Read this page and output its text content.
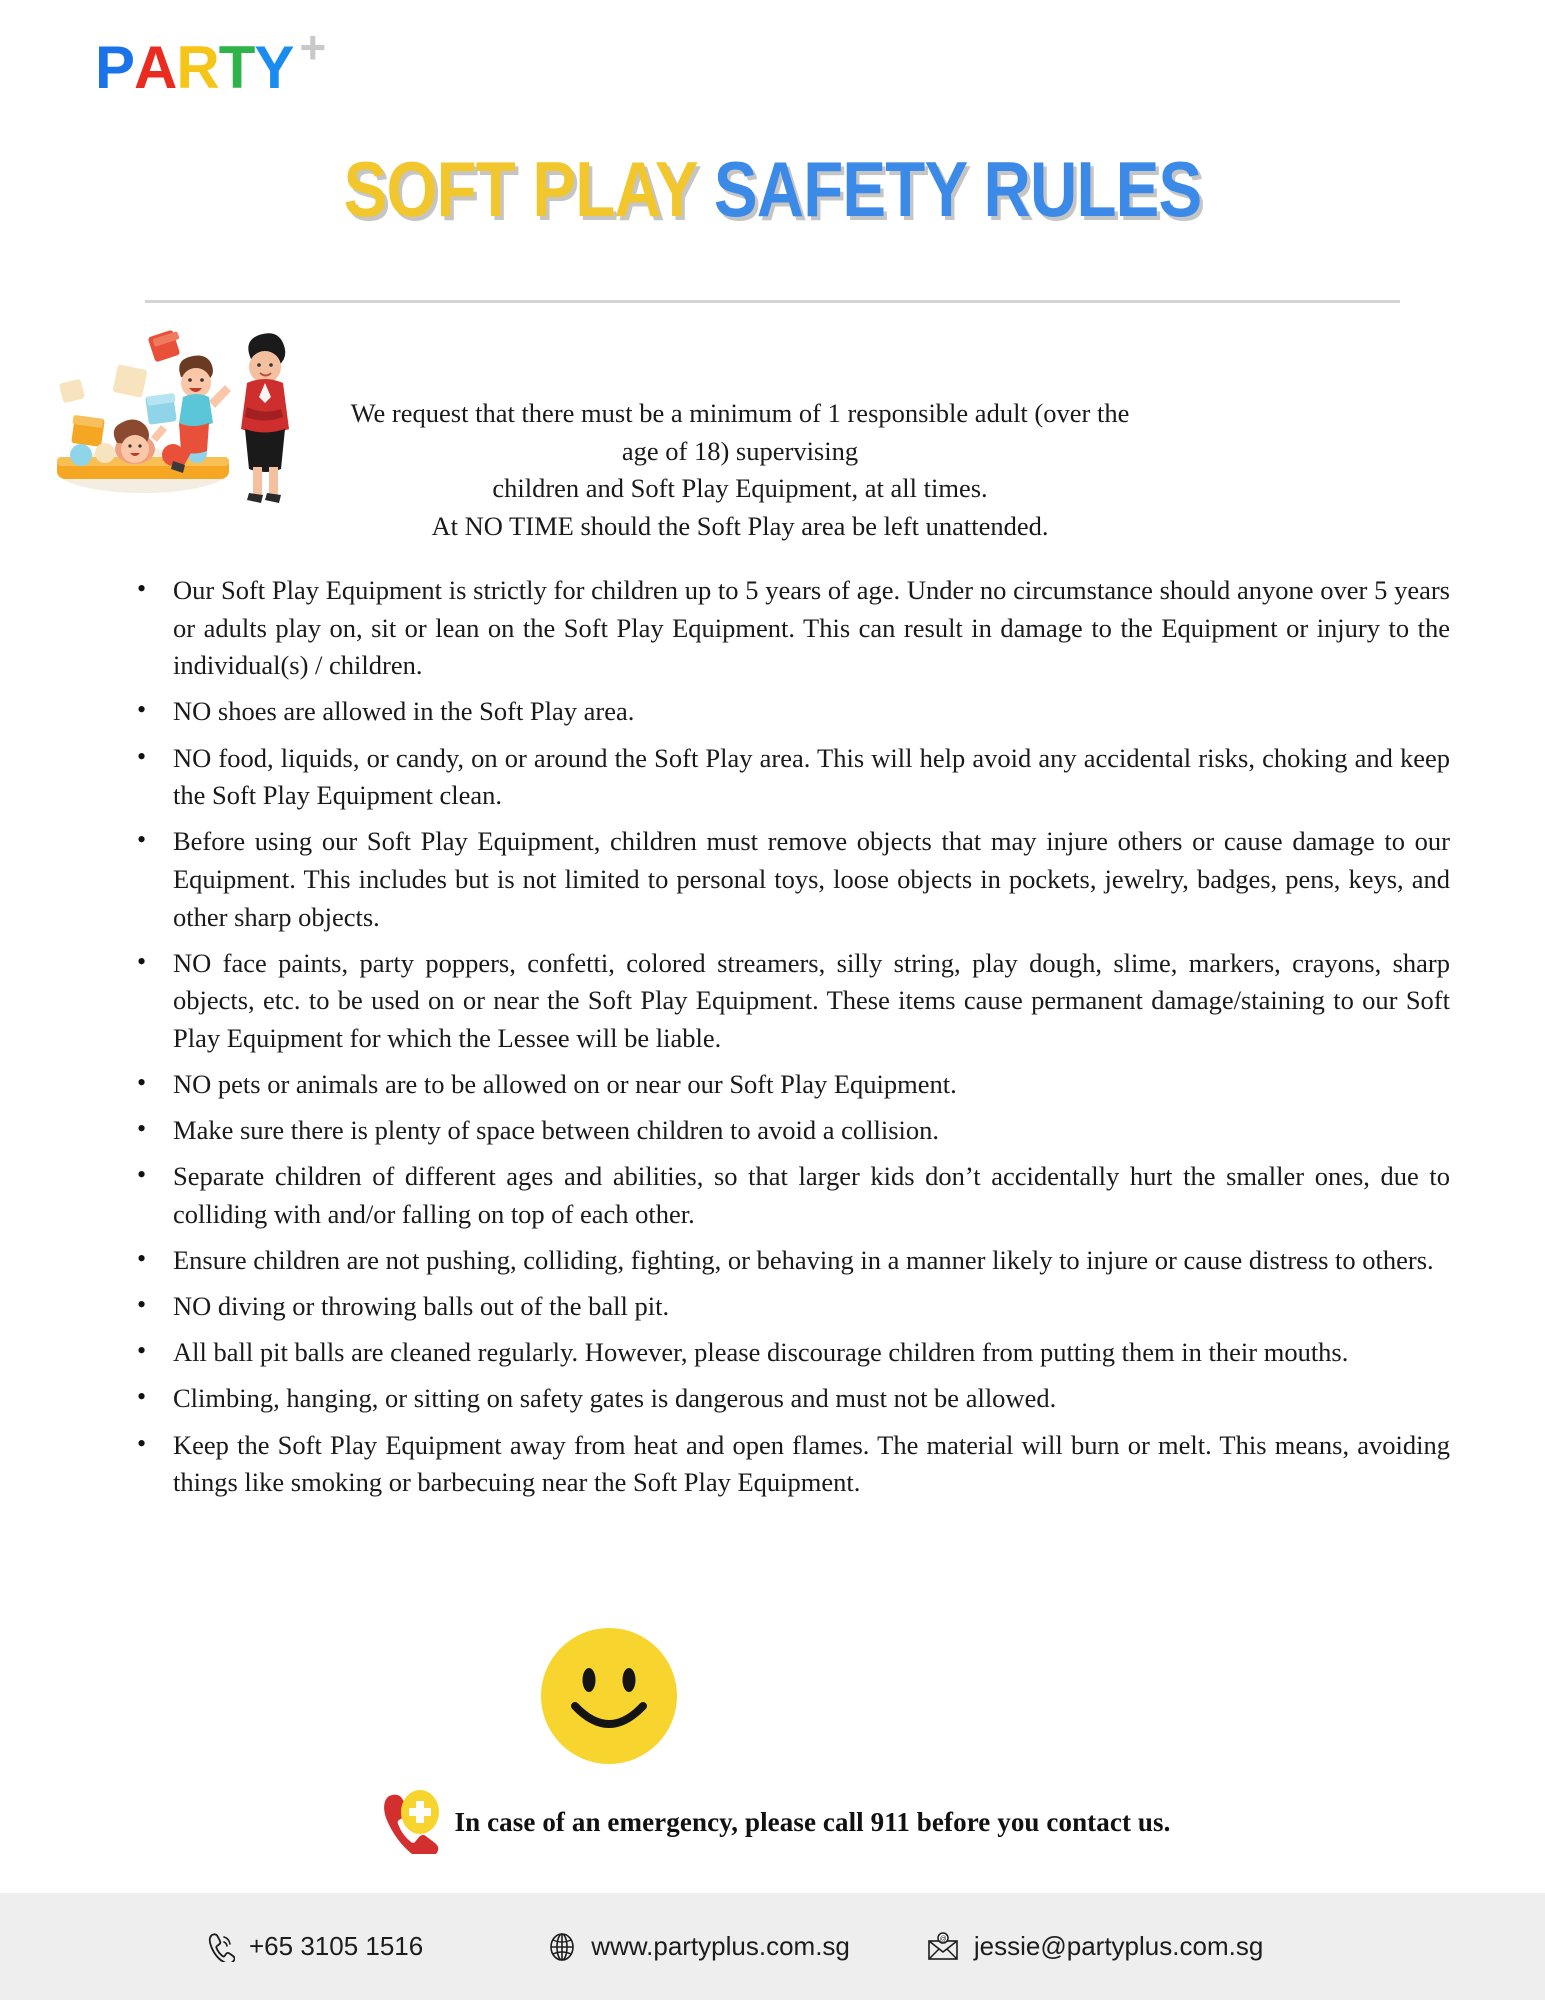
P A R T Y +
SOFT PLAY SAFETY RULES

We request that there must be a minimum of 1 responsible adult (over the age of 18) supervising

children and Soft Play Equipment, at all times.

At NO TIME should the Soft Play area be left unattended.

• Our Soft Play Equipment is strictly for children up to 5 years of age. Under no circumstance should anyone over 5 years or adults play on, sit or lean on the Soft Play Equipment. This can result in damage to the Equipment or injury to the individual(s) / children.
• NO shoes are allowed in the Soft Play area.
• NO food, liquids, or candy, on or around the Soft Play area. This will help avoid any accidental risks, choking and keep the Soft Play Equipment clean.
• Before using our Soft Play Equipment, children must remove objects that may injure others or cause damage to our Equipment. This includes but is not limited to personal toys, loose objects in pockets, jewelry, badges, pens, keys, and other sharp objects.
• NO face paints, party poppers, confetti, colored streamers, silly string, play dough, slime, markers, crayons, sharp objects, etc. to be used on or near the Soft Play Equipment. These items cause permanent damage/staining to our Soft Play Equipment for which the Lessee will be liable.
• NO pets or animals are to be allowed on or near our Soft Play Equipment.
• Make sure there is plenty of space between children to avoid a collision.
• Separate children of different ages and abilities, so that larger kids don’t accidentally hurt the smaller ones, due to colliding with and/or falling on top of each other.
• Ensure children are not pushing, colliding, fighting, or behaving in a manner likely to injure or cause distress to others.
• NO diving or throwing balls out of the ball pit.
• All ball pit balls are cleaned regularly. However, please discourage children from putting them in their mouths.
• Climbing, hanging, or sitting on safety gates is dangerous and must not be allowed.
• Keep the Soft Play Equipment away from heat and open flames. The material will burn or melt. This means, avoiding things like smoking or barbecuing near the Soft Play Equipment.
In case of an emergency, please call 911 before you contact us.
+65 3105 1516	www.partyplus.com.sg	@ jessie@partyplus.com.sg
